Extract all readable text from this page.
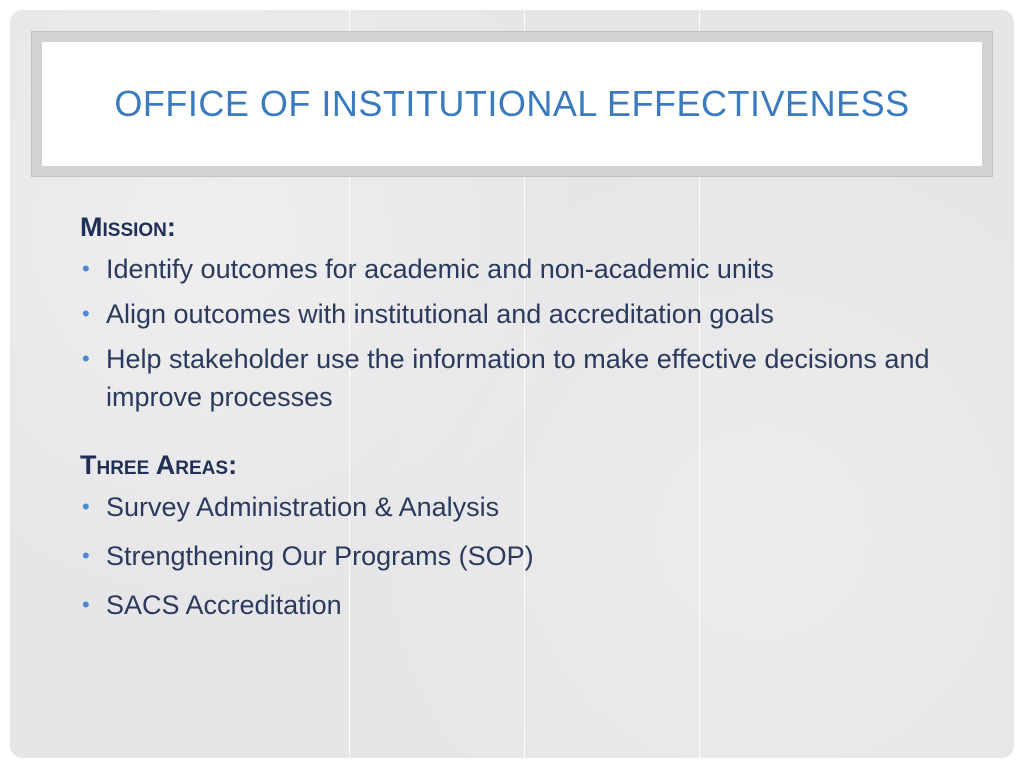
OFFICE OF INSTITUTIONAL EFFECTIVENESS
Mission:
• Identify outcomes for academic and non-academic units
• Align outcomes with institutional and accreditation goals
• Help stakeholder use the information to make effective decisions and improve processes
Three Areas:
• Survey Administration & Analysis
• Strengthening Our Programs (SOP)
• SACS Accreditation
